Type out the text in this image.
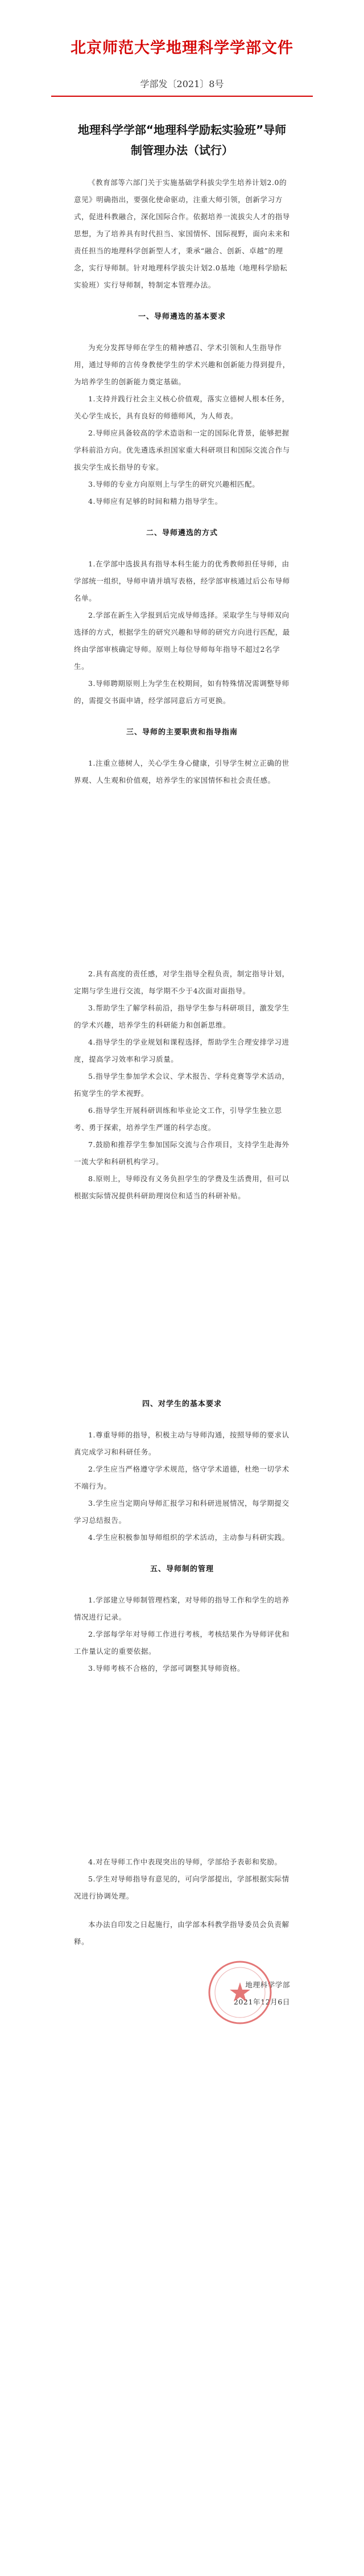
北京师范大学地理科学学部文件
学部发〔2021〕8号
地理科学学部“地理科学励耘实验班”导师制管理办法（试行）

《教育部等六部门关于实施基础学科拔尖学生培养计划2.0的意见》明确指出，要强化使命驱动，注重大师引领，创新学习方式，促进科教融合，深化国际合作。依据培养一流拔尖人才的指导思想，为了培养具有时代担当、家国情怀、国际视野，面向未来和责任担当的地理科学创新型人才，秉承“融合、创新、卓越”的理念，实行导师制。针对地理科学拔尖计划2.0基地（地理科学励耘实验班）实行导师制，特制定本管理办法。

一、导师遴选的基本要求

为充分发挥导师在学生的精神感召、学术引领和人生指导作用，通过导师的言传身教使学生的学术兴趣和创新能力得到提升，为培养学生的创新能力奠定基础。

1.支持并践行社会主义核心价值观，落实立德树人根本任务，关心学生成长，具有良好的师德师风，为人师表。

2.导师应具备较高的学术造诣和一定的国际化背景，能够把握学科前沿方向。优先遴选承担国家重大科研项目和国际交流合作与拔尖学生成长指导的专家。

3.导师的专业方向原则上与学生的研究兴趣相匹配。

4.导师应有足够的时间和精力指导学生。

二、导师遴选的方式

1.在学部中选拔具有指导本科生能力的优秀教师担任导师，由学部统一组织，导师申请并填写表格，经学部审核通过后公布导师名单。

2.学部在新生入学报到后完成导师选择。采取学生与导师双向选择的方式，根据学生的研究兴趣和导师的研究方向进行匹配，最终由学部审核确定导师。原则上每位导师每年指导不超过2名学生。

3.导师聘期原则上为学生在校期间，如有特殊情况需调整导师的，需提交书面申请，经学部同意后方可更换。

三、导师的主要职责和指导指南

1.注重立德树人，关心学生身心健康，引导学生树立正确的世界观、人生观和价值观，培养学生的家国情怀和社会责任感。

2.具有高度的责任感，对学生指导全程负责，制定指导计划，定期与学生进行交流，每学期不少于4次面对面指导。

3.帮助学生了解学科前沿，指导学生参与科研项目，激发学生的学术兴趣，培养学生的科研能力和创新思维。

4.指导学生的学业规划和课程选择，帮助学生合理安排学习进度，提高学习效率和学习质量。

5.指导学生参加学术会议、学术报告、学科竞赛等学术活动，拓宽学生的学术视野。

6.指导学生开展科研训练和毕业论文工作，引导学生独立思考、勇于探索，培养学生严谨的科学态度。

7.鼓励和推荐学生参加国际交流与合作项目，支持学生赴海外一流大学和科研机构学习。

8.原则上，导师没有义务负担学生的学费及生活费用，但可以根据实际情况提供科研助理岗位和适当的科研补贴。

四、对学生的基本要求

1.尊重导师的指导，积极主动与导师沟通，按照导师的要求认真完成学习和科研任务。

2.学生应当严格遵守学术规范，恪守学术道德，杜绝一切学术不端行为。

3.学生应当定期向导师汇报学习和科研进展情况，每学期提交学习总结报告。

4.学生应积极参加导师组织的学术活动，主动参与科研实践。

五、导师制的管理

1.学部建立导师制管理档案，对导师的指导工作和学生的培养情况进行记录。

2.学部每学年对导师工作进行考核，考核结果作为导师评优和工作量认定的重要依据。

3.导师考核不合格的，学部可调整其导师资格。

4.对在导师工作中表现突出的导师，学部给予表彰和奖励。

5.学生对导师指导有意见的，可向学部提出，学部根据实际情况进行协调处理。

本办法自印发之日起施行，由学部本科教学指导委员会负责解释。

地理科学学部
2021年12月6日
